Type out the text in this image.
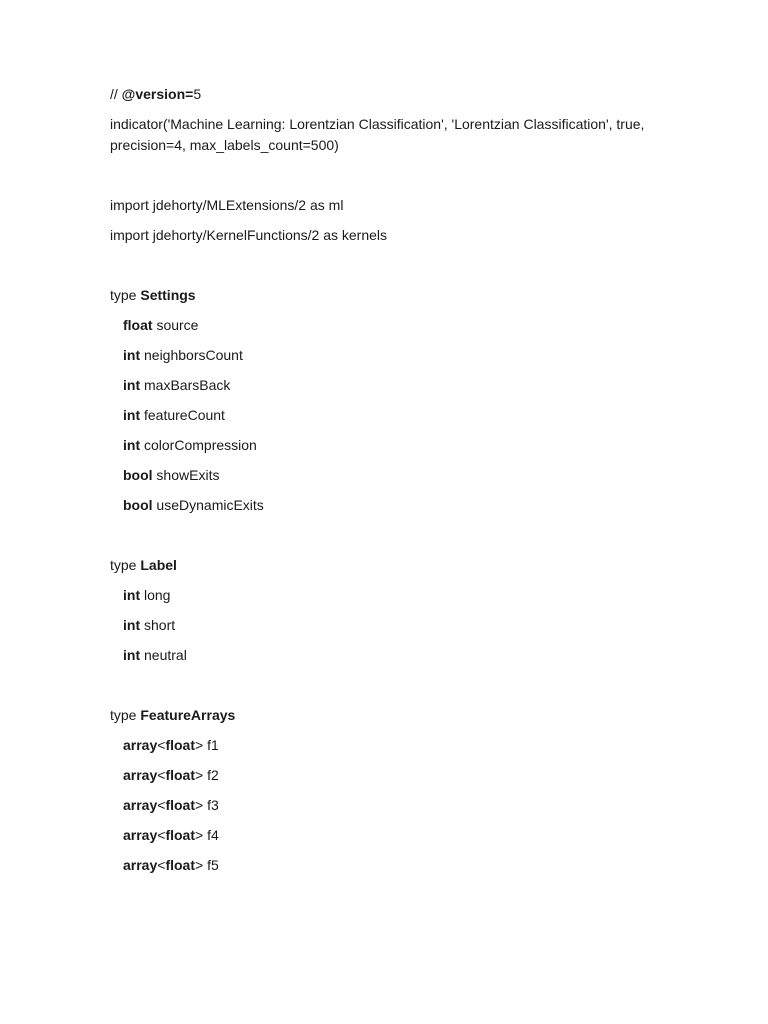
// @version=5

indicator('Machine Learning: Lorentzian Classification', 'Lorentzian Classification', true, precision=4, max_labels_count=500)

import jdehorty/MLExtensions/2 as ml

import jdehorty/KernelFunctions/2 as kernels

type Settings

float source

int neighborsCount

int maxBarsBack

int featureCount

int colorCompression

bool showExits

bool useDynamicExits

type Label

int long

int short

int neutral

type FeatureArrays

array<float> f1

array<float> f2

array<float> f3

array<float> f4

array<float> f5
